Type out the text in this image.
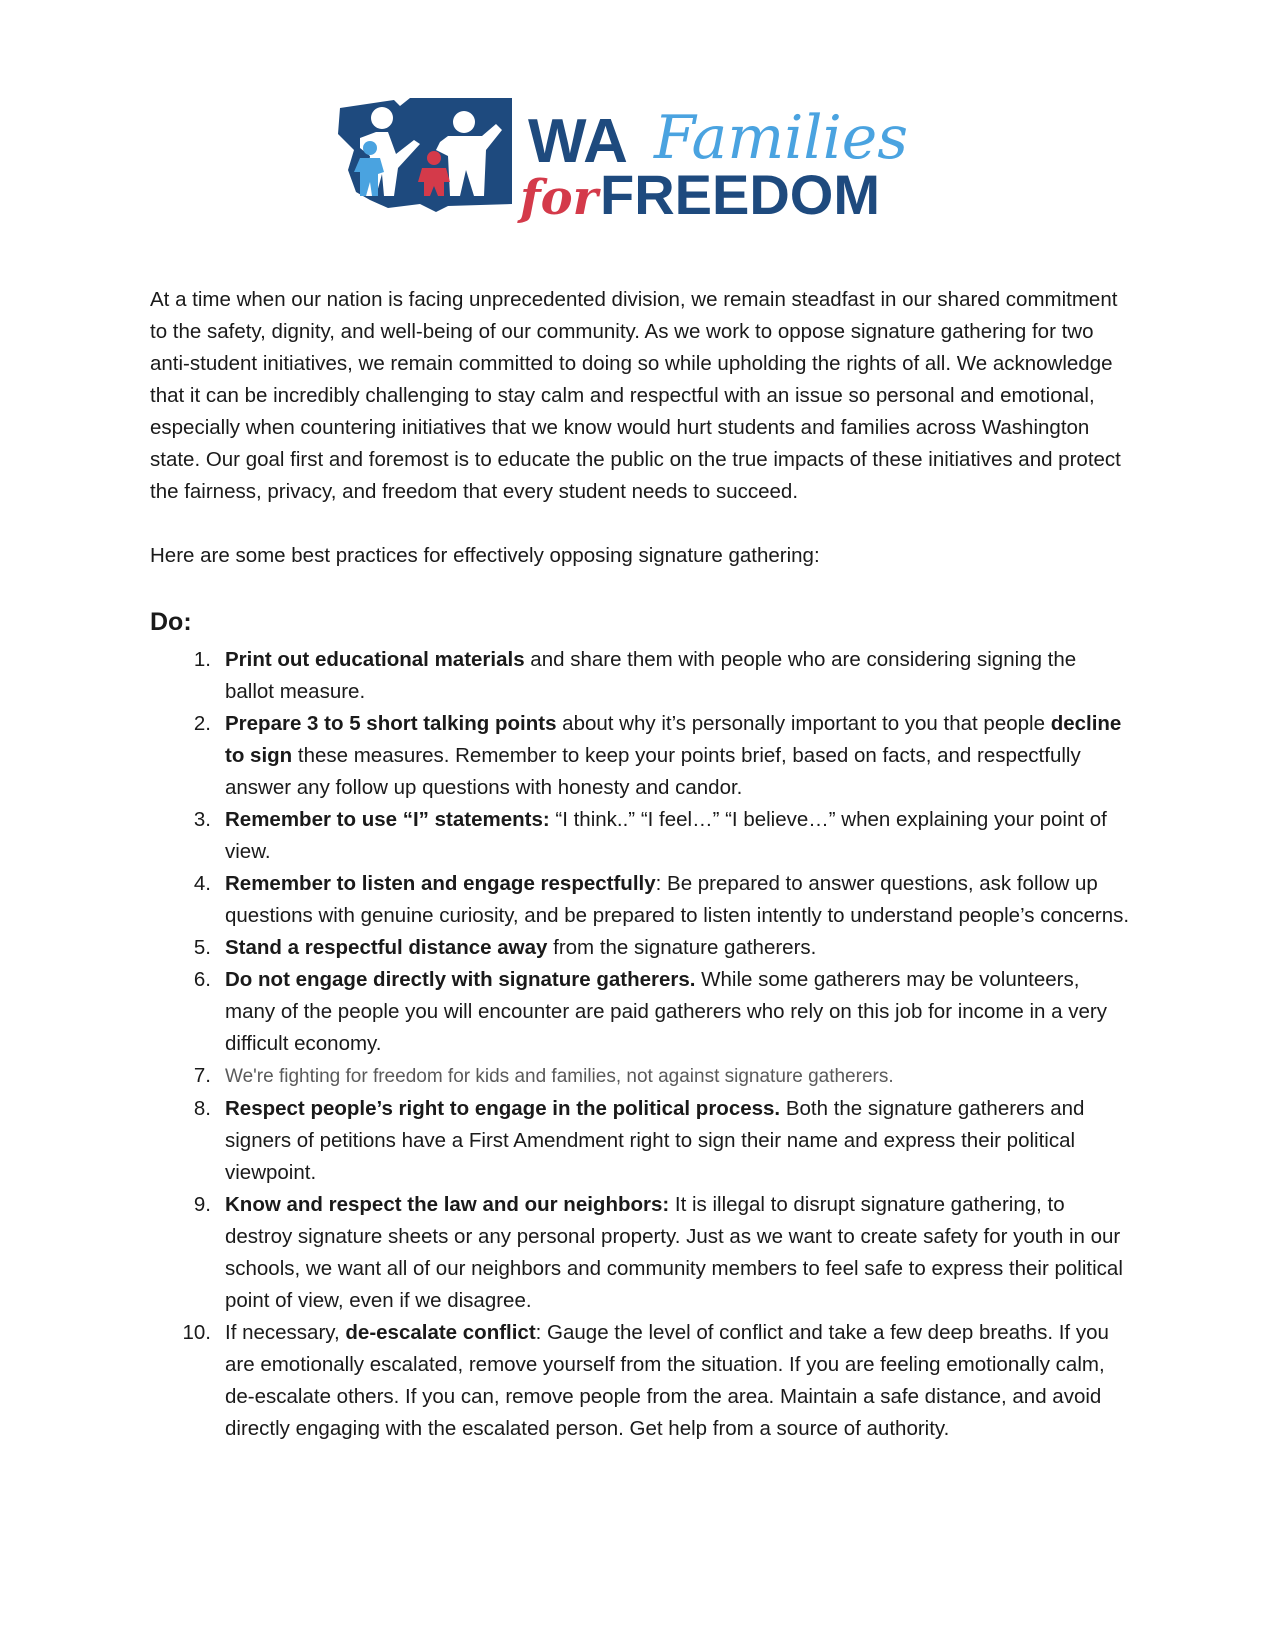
WA Families
for FREEDOM

At a time when our nation is facing unprecedented division, we remain steadfast in our shared commitment to the safety, dignity, and well-being of our community. As we work to oppose signature gathering for two anti-student initiatives, we remain committed to doing so while upholding the rights of all. We acknowledge that it can be incredibly challenging to stay calm and respectful with an issue so personal and emotional, especially when countering initiatives that we know would hurt students and families across Washington state. Our goal first and foremost is to educate the public on the true impacts of these initiatives and protect the fairness, privacy, and freedom that every student needs to succeed.

Here are some best practices for effectively opposing signature gathering:

Do:
1. Print out educational materials and share them with people who are considering signing the ballot measure.
2. Prepare 3 to 5 short talking points about why it’s personally important to you that people decline to sign these measures. Remember to keep your points brief, based on facts, and respectfully answer any follow up questions with honesty and candor.
3. Remember to use “I” statements: “I think..” “I feel…” “I believe…” when explaining your point of view.
4. Remember to listen and engage respectfully: Be prepared to answer questions, ask follow up questions with genuine curiosity, and be prepared to listen intently to understand people’s concerns.
5. Stand a respectful distance away from the signature gatherers.
6. Do not engage directly with signature gatherers. While some gatherers may be volunteers, many of the people you will encounter are paid gatherers who rely on this job for income in a very difficult economy.
7. We're fighting for freedom for kids and families, not against signature gatherers.
8. Respect people’s right to engage in the political process. Both the signature gatherers and signers of petitions have a First Amendment right to sign their name and express their political viewpoint.
9. Know and respect the law and our neighbors: It is illegal to disrupt signature gathering, to destroy signature sheets or any personal property. Just as we want to create safety for youth in our schools, we want all of our neighbors and community members to feel safe to express their political point of view, even if we disagree.
10. If necessary, de-escalate conflict: Gauge the level of conflict and take a few deep breaths. If you are emotionally escalated, remove yourself from the situation. If you are feeling emotionally calm, de-escalate others. If you can, remove people from the area. Maintain a safe distance, and avoid directly engaging with the escalated person. Get help from a source of authority.
